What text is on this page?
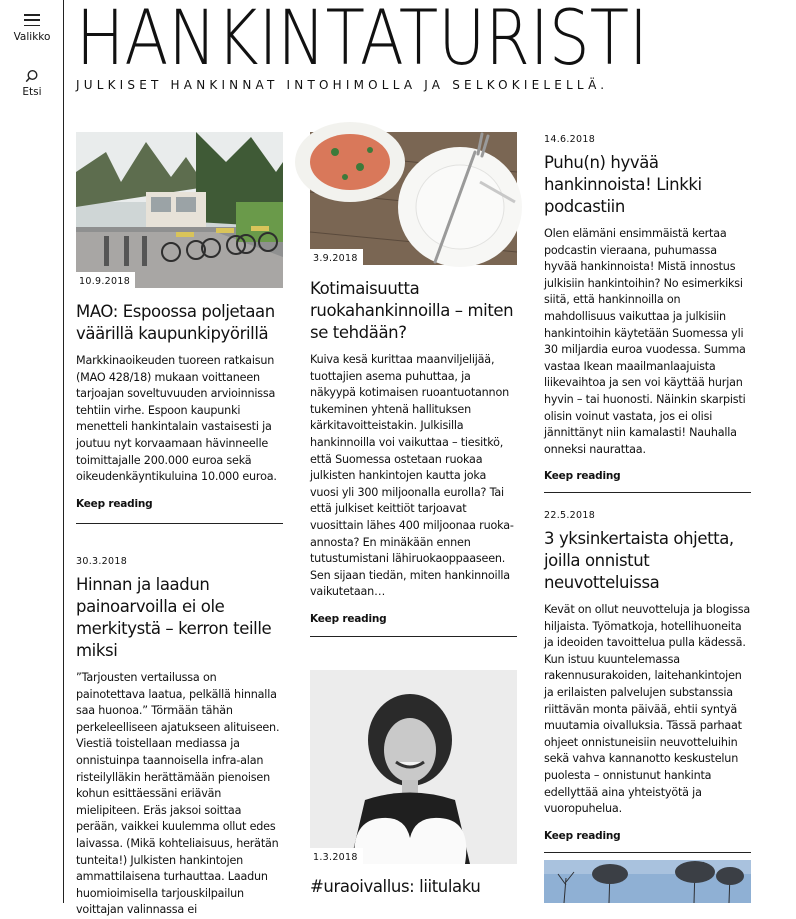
Valikko
Etsi
HANKINTATURISTI
JULKISET HANKINNAT INTOHIMOLLA JA SELKOKIELELLÄ.
10.9.2018
MAO: Espoossa poljetaan väärillä kaupunkipyörillä

Markkinaoikeuden tuoreen ratkaisun (MAO 428/18) mukaan voittaneen tarjoajan soveltuvuuden arvioinnissa tehtiin virhe. Espoon kaupunki menetteli hankintalain vastaisesti ja joutuu nyt korvaamaan hävinneelle toimittajalle 200.000 euroa sekä oikeudenkäyntikuluina 10.000 euroa.

Keep reading
30.3.2018
Hinnan ja laadun painoarvoilla ei ole merkitystä – kerron teille miksi

”Tarjousten vertailussa on painotettava laatua, pelkällä hinnalla saa huonoa.” Törmään tähän perkeleelliseen ajatukseen alituiseen. Viestiä toistellaan mediassa ja onnistuinpa taannoisella infra-alan risteilylläkin herättämään pienoisen kohun esittäessäni eriävän mielipiteen. Eräs jaksoi soittaa perään, vaikkei kuulemma ollut edes laivassa. (Mikä kohteliaisuus, herätän tunteita!) Julkisten hankintojen ammattilaisena turhauttaa. Laadun huomioimisella tarjouskilpailun voittajan valinnassa ei

3.9.2018
Kotimaisuutta ruokahankinnoilla – miten se tehdään?

Kuiva kesä kurittaa maanviljelijää, tuottajien asema puhuttaa, ja näkyypä kotimaisen ruoantuotannon tukeminen yhtenä hallituksen kärkitavoitteistakin. Julkisilla hankinnoilla voi vaikuttaa – tiesitkö, että Suomessa ostetaan ruokaa julkisten hankintojen kautta joka vuosi yli 300 miljoonalla eurolla? Tai että julkiset keittiöt tarjoavat vuosittain lähes 400 miljoonaa ruoka-annosta? En minäkään ennen tutustumistani lähiruokaoppaaseen. Sen sijaan tiedän, miten hankinnoilla vaikutetaan…

Keep reading
1.3.2018
#uraoivallus: liitulaku
14.6.2018
Puhu(n) hyvää hankinnoista! Linkki podcastiin

Olen elämäni ensimmäistä kertaa podcastin vieraana, puhumassa hyvää hankinnoista! Mistä innostus julkisiin hankintoihin? No esimerkiksi siitä, että hankinnoilla on mahdollisuus vaikuttaa ja julkisiin hankintoihin käytetään Suomessa yli 30 miljardia euroa vuodessa. Summa vastaa Ikean maailmanlaajuista liikevaihtoa ja sen voi käyttää hurjan hyvin – tai huonosti. Näinkin skarpisti olisin voinut vastata, jos ei olisi jännittänyt niin kamalasti! Nauhalla onneksi naurattaa.

Keep reading
22.5.2018
3 yksinkertaista ohjetta, joilla onnistut neuvotteluissa

Kevät on ollut neuvotteluja ja blogissa hiljaista. Työmatkoja, hotellihuoneita ja ideoiden tavoittelua pulla kädessä. Kun istuu kuuntelemassa rakennusurakoiden, laitehankintojen ja erilaisten palvelujen substanssia riittävän monta päivää, ehtii syntyä muutamia oivalluksia. Tässä parhaat ohjeet onnistuneisiin neuvotteluihin sekä vahva kannanotto keskustelun puolesta – onnistunut hankinta edellyttää aina yhteistyötä ja vuoropuhelua.

Keep reading
